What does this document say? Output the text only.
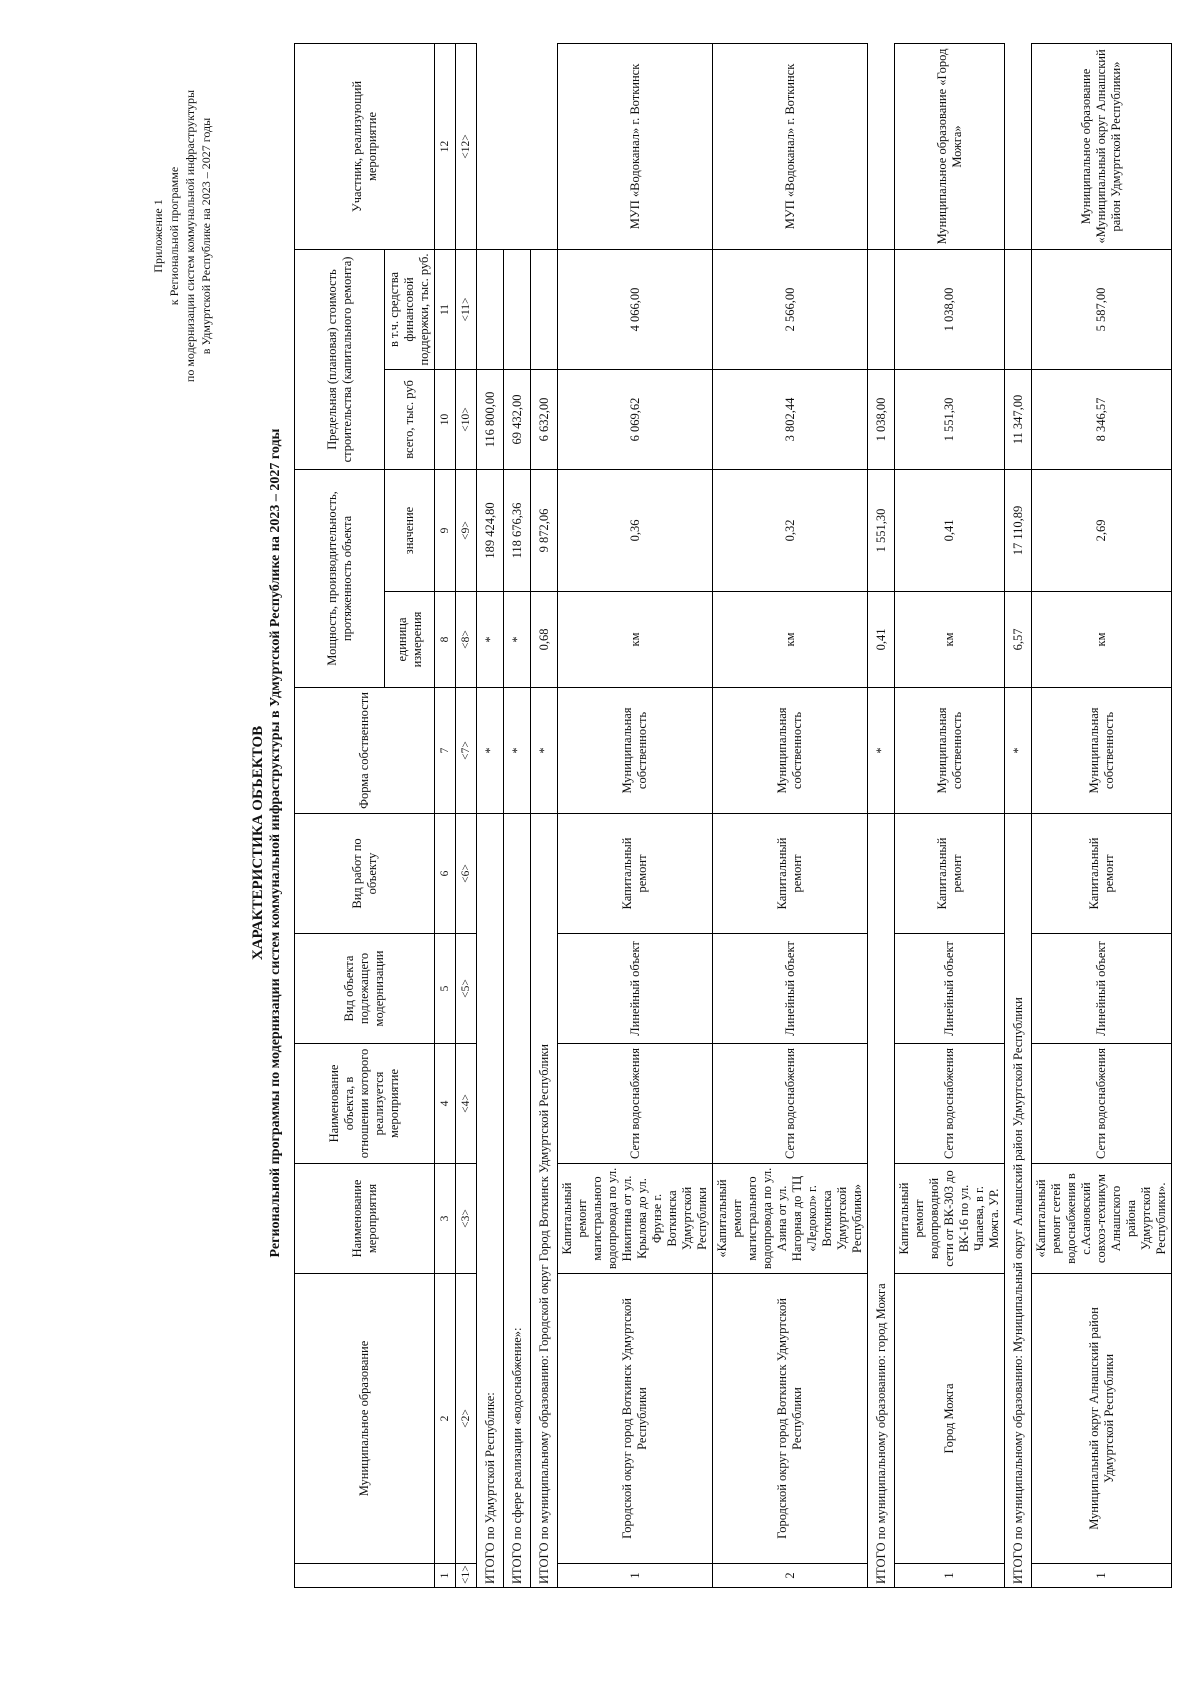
Приложение 1 к Региональной программе по модернизации систем коммунальной инфраструктуры в Удмуртской Республике на 2023 – 2027 годы
ХАРАКТЕРИСТИКА ОБЪЕКТОВ Региональной программы по модернизации систем коммунальной инфраструктуры в Удмуртской Республике на 2023 – 2027 годы
	Муниципальное образование	Наименование мероприятия	Наименование объекта, в отношении которого реализуется мероприятие	Вид объекта подлежащего модернизации	Вид работ по объекту	Форма собственности	Мощность, производительность, протяженность объекта		Предельная (плановая) стоимость строительства (капитального ремонта)		Участник, реализующий мероприятие
							единица измерения	значение	всего, тыс. руб	в т.ч. средства финансовой поддержки, тыс. руб.	
1	2	3	4	5	6	7	8	9	10	11	12
<1>	<2>	<3>	<4>	<5>	<6>	<7>	<8>	<9>	<10>	<11>	<12>
ИТОГО по Удмуртской Республике:						*	*	189 424,80	116 800,00		
ИТОГО по сфере реализации «водоснабжение»:						*	*	118 676,36	69 432,00		
ИТОГО по муниципальному образованию: Городской округ Город Воткинск Удмуртской Республики						*	0,68	9 872,06	6 632,00		
1	Городской округ город Воткинск Удмуртской Республики	Капитальный ремонт магистрального водопровода по ул. Никитина от ул. Крылова до ул. Фрунзе г. Воткинска Удмуртской Республики	Сети водоснабжения	Линейный объект	Капитальный ремонт	Муниципальная собственность	км	0,36	6 069,62	4 066,00	МУП «Водоканал» г. Воткинск
2	Городской округ город Воткинск Удмуртской Республики	«Капитальный ремонт магистрального водопровода по ул. Азина от ул. Нагорная до ТЦ «Ледокол» г. Воткинска Удмуртской Республики»	Сети водоснабжения	Линейный объект	Капитальный ремонт	Муниципальная собственность	км	0,32	3 802,44	2 566,00	МУП «Водоканал» г. Воткинск
ИТОГО по муниципальному образованию: город Можга						*	0,41	1 551,30	1 038,00		
1	Город Можга	Капитальный ремонт водопроводной сети от ВК-303 до ВК-16 по ул. Чапаева, в г. Можга. УР.	Сети водоснабжения	Линейный объект	Капитальный ремонт	Муниципальная собственность	км	0,41	1 551,30	1 038,00	Муниципальное образование «Город Можга»
ИТОГО по муниципальному образованию: Муниципальный округ Алнашский район Удмуртской Республики						*	6,57	17 110,89	11 347,00		
1	Муниципальный округ Алнашский район Удмуртской Республики	«Капитальный ремонт сетей водоснабжения в с.Асановский совхоз-техникум Алнашского района Удмуртской Республики».	Сети водоснабжения	Линейный объект	Капитальный ремонт	Муниципальная собственность	км	2,69	8 346,57	5 587,00	Муниципальное образование «Муниципальный округ Алнашский район Удмуртской Республики»
